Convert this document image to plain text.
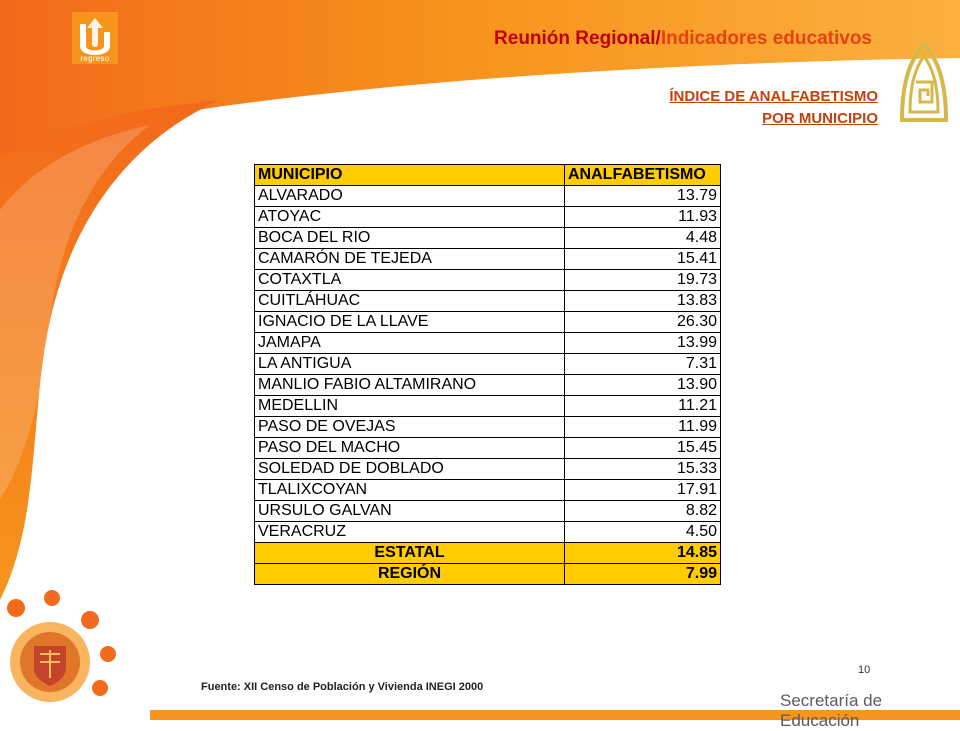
regreso
Reunión Regional/Indicadores educativos
ÍNDICE DE ANALFABETISMO
POR MUNICIPIO
MUNICIPIO	ANALFABETISMO
ALVARADO	13.79
ATOYAC	11.93
BOCA DEL RIO	4.48
CAMARÓN DE TEJEDA	15.41
COTAXTLA	19.73
CUITLÁHUAC	13.83
IGNACIO DE LA LLAVE	26.30
JAMAPA	13.99
LA ANTIGUA	7.31
MANLIO FABIO ALTAMIRANO	13.90
MEDELLIN	11.21
PASO DE OVEJAS	11.99
PASO DEL MACHO	15.45
SOLEDAD DE DOBLADO	15.33
TLALIXCOYAN	17.91
URSULO GALVAN	8.82
VERACRUZ	4.50
ESTATAL	14.85
REGIÓN	7.99
10
Fuente: XII Censo de Población y Vivienda INEGI 2000
Secretaría de Educación
